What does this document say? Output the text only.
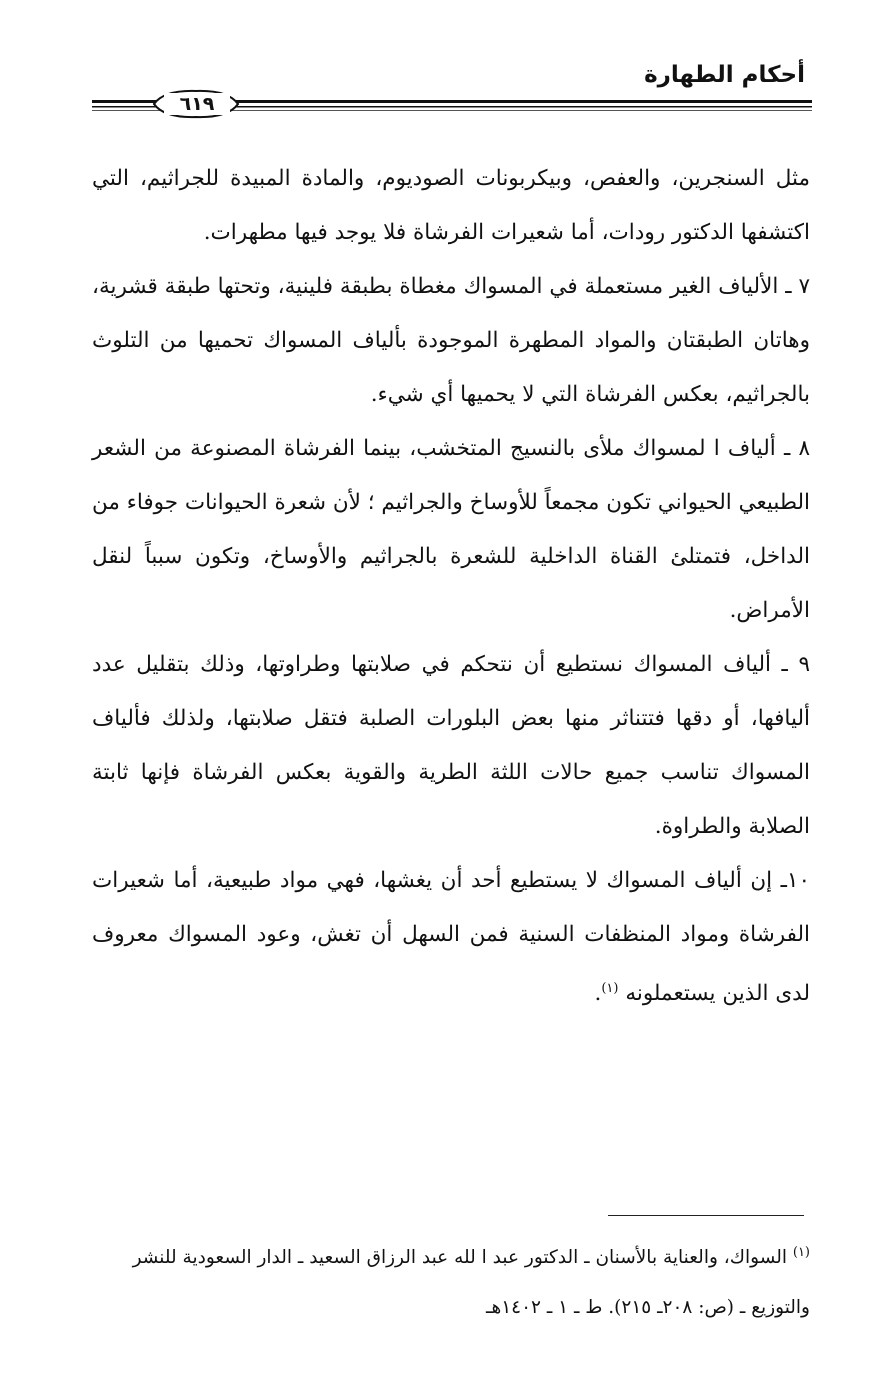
أحكام الطهارة
٦١٩

مثل السنجرين، والعفص، وبيكربونات الصوديوم، والمادة المبيدة للجراثيم، التي اكتشفها الدكتور رودات، أما شعيرات الفرشاة فلا يوجد فيها مطهرات.

٧ ـ الألياف الغير مستعملة في المسواك مغطاة بطبقة فلينية، وتحتها طبقة قشرية، وهاتان الطبقتان والمواد المطهرة الموجودة بألياف المسواك تحميها من التلوث بالجراثيم، بعكس الفرشاة التي لا يحميها أي شيء.

٨ ـ ألياف ا لمسواك ملأى بالنسيج المتخشب، بينما الفرشاة المصنوعة من الشعر الطبيعي الحيواني تكون مجمعاً للأوساخ والجراثيم ؛ لأن شعرة الحيوانات جوفاء من الداخل، فتمتلئ القناة الداخلية للشعرة بالجراثيم والأوساخ، وتكون سبباً لنقل الأمراض.

٩ ـ ألياف المسواك نستطيع أن نتحكم في صلابتها وطراوتها، وذلك بتقليل عدد أليافها، أو دقها فتتناثر منها بعض البلورات الصلبة فتقل صلابتها، ولذلك فألياف المسواك تناسب جميع حالات اللثة الطرية والقوية بعكس الفرشاة فإنها ثابتة الصلابة والطراوة.

١٠ـ إن ألياف المسواك لا يستطيع أحد أن يغشها، فهي مواد طبيعية، أما شعيرات الفرشاة ومواد المنظفات السنية فمن السهل أن تغش، وعود المسواك معروف لدى الذين يستعملونه $^{(١)}$.

$^{(١)}$ السواك، والعناية بالأسنان ـ الدكتور عبد ا لله عبد الرزاق السعيد ـ الدار السعودية للنشر والتوزيع ـ (ص: ٢٠٨ـ ٢١٥). ط ـ ١ ـ ١٤٠٢هـ
